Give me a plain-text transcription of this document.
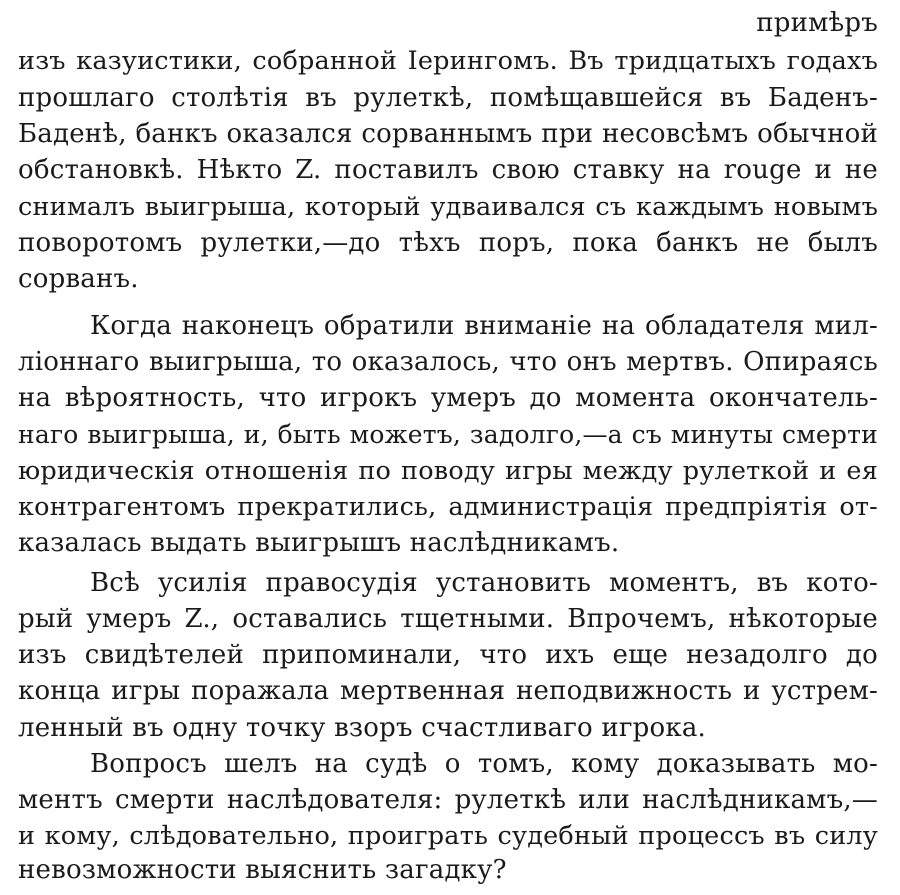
примѣръ
изъ казуистики, собранной Іерингомъ. Въ тридцатыхъ годахъ
прошлаго столѣтія въ рулеткѣ, помѣщавшейся въ Баденъ-
Баденѣ, банкъ оказался сорваннымъ при несовсѣмъ обычной
обстановкѣ. Нѣкто Z. поставилъ свою ставку на rouge и не
снималъ выигрыша, который удваивался съ каждымъ новымъ
поворотомъ рулетки,—до тѣхъ поръ, пока банкъ не былъ
сорванъ.
Когда наконецъ обратили вниманіе на обладателя мил-
ліоннаго выигрыша, то оказалось, что онъ мертвъ. Опираясь
на вѣроятность, что игрокъ умеръ до момента окончатель-
наго выигрыша, и, быть можетъ, задолго,—а съ минуты смерти
юридическія отношенія по поводу игры между рулеткой и ея
контрагентомъ прекратились, администрація предпріятія от-
казалась выдать выигрышъ наслѣдникамъ.
Всѣ усилія правосудія установить моментъ, въ кото-
рый умеръ Z., оставались тщетными. Впрочемъ, нѣкоторые
изъ свидѣтелей припоминали, что ихъ еще незадолго до
конца игры поражала мертвенная неподвижность и устрем-
ленный въ одну точку взоръ счастливаго игрока.
Вопросъ шелъ на судѣ о томъ, кому доказывать мо-
ментъ смерти наслѣдователя: рулеткѣ или наслѣдникамъ,—
и кому, слѣдовательно, проиграть судебный процессъ въ силу
невозможности выяснить загадку?
